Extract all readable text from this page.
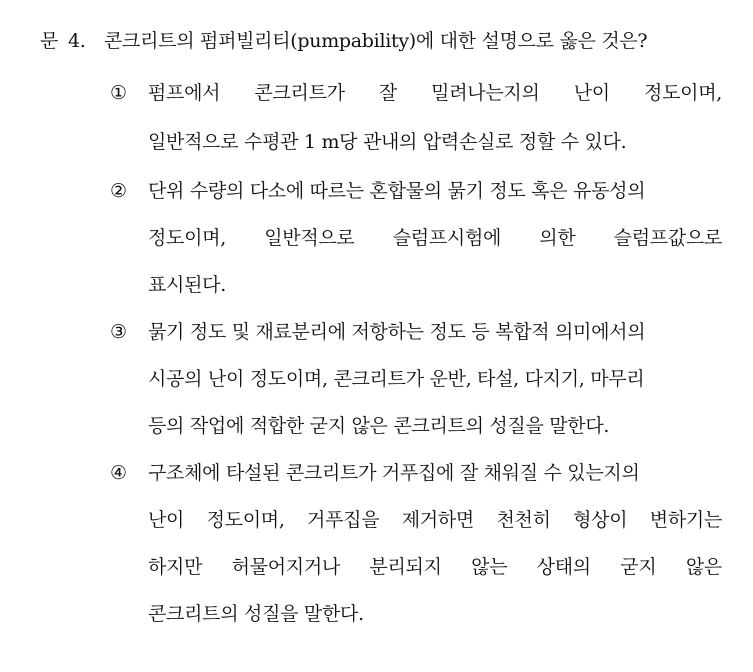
문 4. 콘크리트의 펌퍼빌리티(pumpability)에 대한 설명으로 옳은 것은?
① 펌프에서 콘크리트가 잘 밀려나는지의 난이 정도이며,
일반적으로 수평관 1 m당 관내의 압력손실로 정할 수 있다.
② 단위 수량의 다소에 따르는 혼합물의 묽기 정도 혹은 유동성의
정도이며, 일반적으로 슬럼프시험에 의한 슬럼프값으로
표시된다.
③ 묽기 정도 및 재료분리에 저항하는 정도 등 복합적 의미에서의
시공의 난이 정도이며, 콘크리트가 운반, 타설, 다지기, 마무리
등의 작업에 적합한 굳지 않은 콘크리트의 성질을 말한다.
④ 구조체에 타설된 콘크리트가 거푸집에 잘 채워질 수 있는지의
난이 정도이며, 거푸집을 제거하면 천천히 형상이 변하기는
하지만 허물어지거나 분리되지 않는 상태의 굳지 않은
콘크리트의 성질을 말한다.
